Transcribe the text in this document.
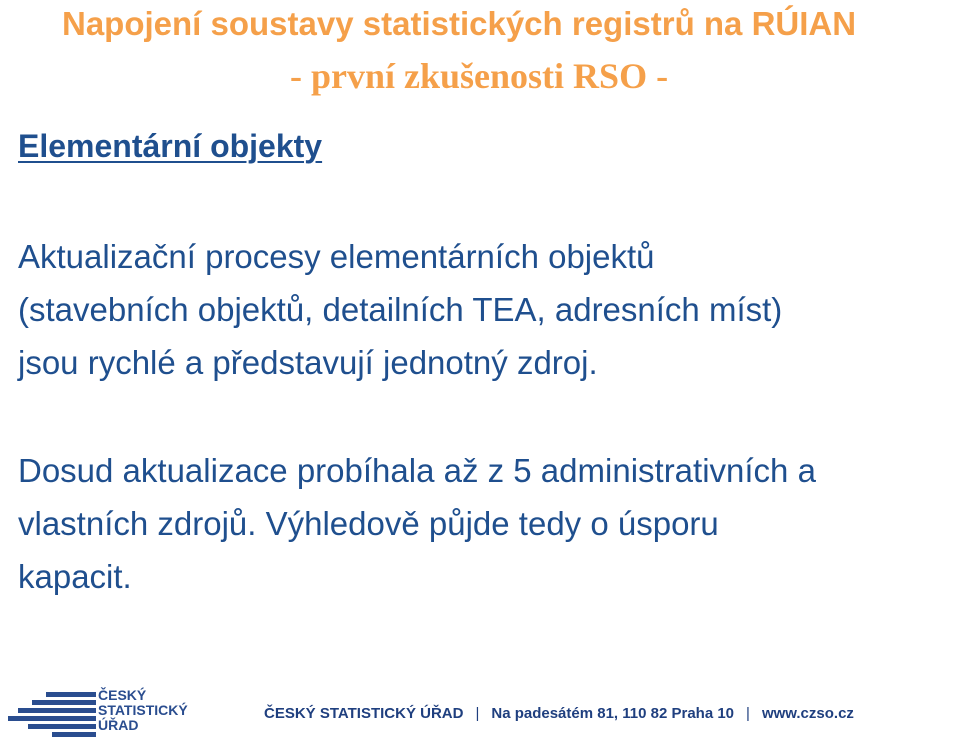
Napojení soustavy statistických registrů na RÚIAN
- první zkušenosti RSO -
Elementární objekty
Aktualizační procesy elementárních objektů
(stavebních objektů, detailních TEA, adresních míst)
jsou rychlé a představují jednotný zdroj.
Dosud aktualizace probíhala až z 5 administrativních a
vlastních zdrojů. Výhledově půjde tedy o úsporu
kapacit.
ČESKÝ
STATISTICKÝ
ÚŘAD
ČESKÝ STATISTICKÝ ÚŘAD | Na padesátém 81, 110 82 Praha 10 | www.czso.cz
